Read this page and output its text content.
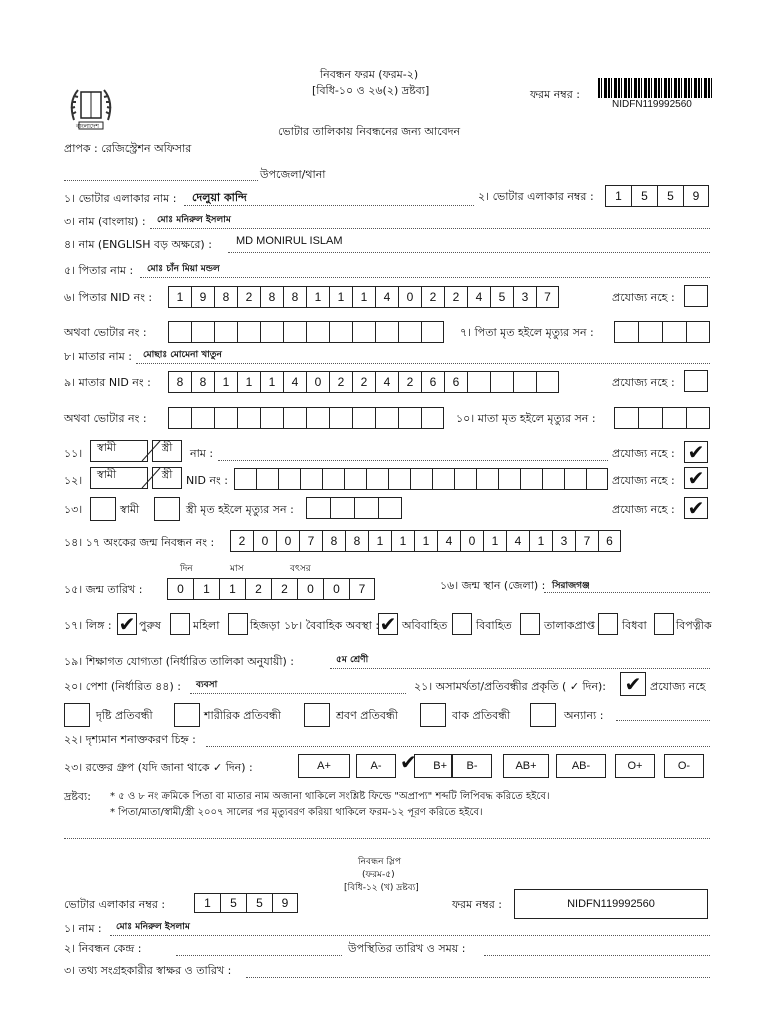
বাংলাদেশ
নিবন্ধন ফরম (ফরম-২)
[বিধি-১০ ও ২৬(২) দ্রষ্টব্য]	ফরম নম্বর :
NIDFN119992560
ভোটার তালিকায় নিবন্ধনের জন্য আবেদন
প্রাপক : রেজিস্ট্রেশন অফিসার
উপজেলা/থানা
১। ভোটার এলাকার নাম : দেলুয়া কান্দি	২। ভোটার এলাকার নম্বর :	1	5	5	9
৩। নাম (বাংলায়) : মোঃ মনিরুল ইসলাম
৪। নাম (ENGLISH বড় অক্ষরে) : MD MONIRUL ISLAM
৫। পিতার নাম : মোঃ চাঁন মিয়া মন্ডল
৬। পিতার NID নং :	1	9	8	2	8	8	1	1	1	4	0	2	2	4	5	3	7	প্রযোজ্য নহে :
অথবা ভোটার নং :	৭। পিতা মৃত হইলে মৃত্যুর সন :
৮। মাতার নাম : মোছাঃ মোমেনা খাতুন
৯। মাতার NID নং :	8	8	1	1	1	4	0	2	2	4	2	6	6	প্রযোজ্য নহে :
অথবা ভোটার নং :	১০। মাতা মৃত হইলে মৃত্যুর সন :
১১।	স্বামী	স্ত্রী	নাম :	প্রযোজ্য নহে : ✔
১২।	স্বামী	স্ত্রী	NID নং :	প্রযোজ্য নহে : ✔
১৩।	স্বামী	স্ত্রী মৃত হইলে মৃত্যুর সন :	প্রযোজ্য নহে : ✔
১৪। ১৭ অংকের জন্ম নিবন্ধন নং :	2	0	0	7	8	8	1	1	1	4	0	1	4	1	3	7	6
দিন	মাস	বৎসর
১৫। জন্ম তারিখ :	0	1	1	2	2	0	0	7	১৬। জন্ম স্থান (জেলা) : সিরাজগঞ্জ
১৭। লিঙ্গ : ✔ পুরুষ	মহিলা	হিজড়া ১৮। বৈবাহিক অবস্থা : ✔ অবিবাহিত	বিবাহিত	তালাকপ্রাপ্ত বিধবা	বিপত্নীক
১৯। শিক্ষাগত যোগ্যতা (নির্ধারিত তালিকা অনুযায়ী) :	৫ম শ্রেণী
২০। পেশা (নির্ধারিত ৪৪) : ব্যবসা	২১। অসামর্থতা/প্রতিবন্ধীর প্রকৃতি ( ✓ দিন): ✔ প্রযোজ্য নহে
দৃষ্টি প্রতিবন্ধী	শারীরিক প্রতিবন্ধী	শ্রবণ প্রতিবন্ধী	বাক প্রতিবন্ধী	অন্যান্য :
২২। দৃশ্যমান শনাক্তকরণ চিহ্ন :
২৩। রক্তের গ্রুপ (যদি জানা থাকে ✓ দিন) :	A+	A-	B+	B-	AB+	AB-	O+	O-
✔
দ্রষ্টব্য: * ৫ ও ৮ নং ক্রমিকে পিতা বা মাতার নাম অজানা থাকিলে সংশ্লিষ্ট ফিল্ডে "অপ্রাপ্য" শব্দটি লিপিবদ্ধ করিতে হইবে।
* পিতা/মাতা/স্বামী/স্ত্রী ২০০৭ সালের পর মৃত্যুবরণ করিয়া থাকিলে ফরম-১২ পূরণ করিতে হইবে।
নিবন্ধন স্লিপ
(ফরম-৫)
[বিধি-১২ (খ) দ্রষ্টব্য]
ভোটার এলাকার নম্বর :	1	5	5	9	ফরম নম্বর :	NIDFN119992560
১। নাম : মোঃ মনিরুল ইসলাম
২। নিবন্ধন কেন্দ্র :	উপস্থিতির তারিখ ও সময় :
৩। তথ্য সংগ্রহকারীর স্বাক্ষর ও তারিখ :
